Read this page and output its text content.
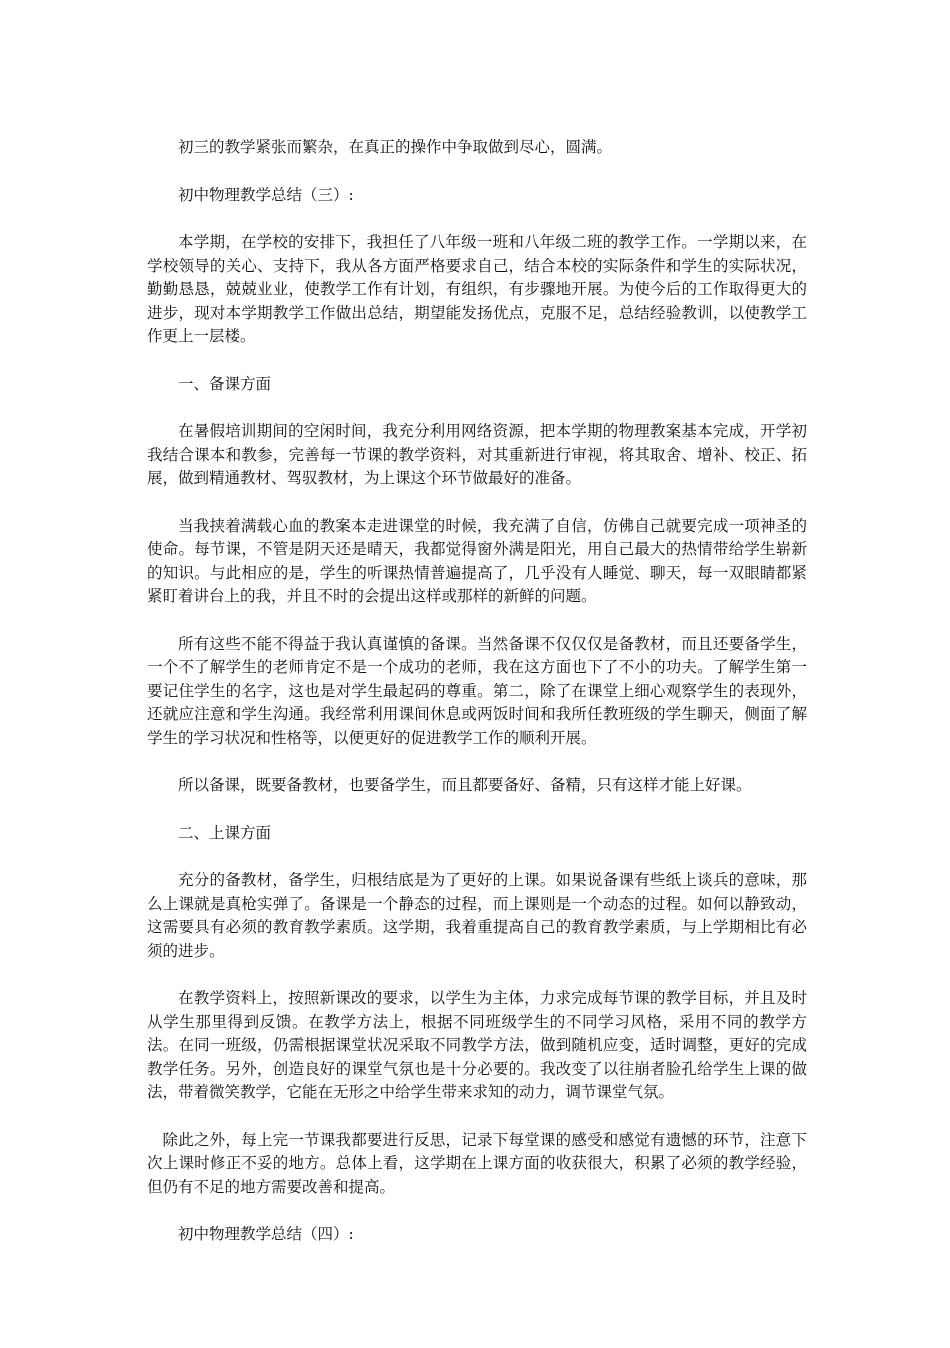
初三的教学紧张而繁杂，在真正的操作中争取做到尽心，圆满。

初中物理教学总结（三）:

本学期，在学校的安排下，我担任了八年级一班和八年级二班的教学工作。一学期以来，在学校领导的关心、支持下，我从各方面严格要求自己，结合本校的实际条件和学生的实际状况，勤勤恳恳，兢兢业业，使教学工作有计划，有组织，有步骤地开展。为使今后的工作取得更大的进步，现对本学期教学工作做出总结，期望能发扬优点，克服不足，总结经验教训，以使教学工作更上一层楼。

一、备课方面

在暑假培训期间的空闲时间，我充分利用网络资源，把本学期的物理教案基本完成，开学初我结合课本和教参，完善每一节课的教学资料，对其重新进行审视，将其取舍、增补、校正、拓展，做到精通教材、驾驭教材，为上课这个环节做最好的准备。

当我挟着满载心血的教案本走进课堂的时候，我充满了自信，仿佛自己就要完成一项神圣的使命。每节课，不管是阴天还是晴天，我都觉得窗外满是阳光，用自己最大的热情带给学生崭新的知识。与此相应的是，学生的听课热情普遍提高了，几乎没有人睡觉、聊天，每一双眼睛都紧紧盯着讲台上的我，并且不时的会提出这样或那样的新鲜的问题。

所有这些不能不得益于我认真谨慎的备课。当然备课不仅仅仅是备教材，而且还要备学生，一个不了解学生的老师肯定不是一个成功的老师，我在这方面也下了不小的功夫。了解学生第一要记住学生的名字，这也是对学生最起码的尊重。第二，除了在课堂上细心观察学生的表现外，还就应注意和学生沟通。我经常利用课间休息或两饭时间和我所任教班级的学生聊天，侧面了解学生的学习状况和性格等，以便更好的促进教学工作的顺利开展。

所以备课，既要备教材，也要备学生，而且都要备好、备精，只有这样才能上好课。

二、上课方面

充分的备教材，备学生，归根结底是为了更好的上课。如果说备课有些纸上谈兵的意味，那么上课就是真枪实弹了。备课是一个静态的过程，而上课则是一个动态的过程。如何以静致动，这需要具有必须的教育教学素质。这学期，我着重提高自己的教育教学素质，与上学期相比有必须的进步。

在教学资料上，按照新课改的要求，以学生为主体，力求完成每节课的教学目标，并且及时从学生那里得到反馈。在教学方法上，根据不同班级学生的不同学习风格，采用不同的教学方法。在同一班级，仍需根据课堂状况采取不同教学方法，做到随机应变，适时调整，更好的完成教学任务。另外，创造良好的课堂气氛也是十分必要的。我改变了以往崩者脸孔给学生上课的做法，带着微笑教学，它能在无形之中给学生带来求知的动力，调节课堂气氛。

除此之外，每上完一节课我都要进行反思，记录下每堂课的感受和感觉有遗憾的环节，注意下次上课时修正不妥的地方。总体上看，这学期在上课方面的收获很大，积累了必须的教学经验，但仍有不足的地方需要改善和提高。

初中物理教学总结（四）:
